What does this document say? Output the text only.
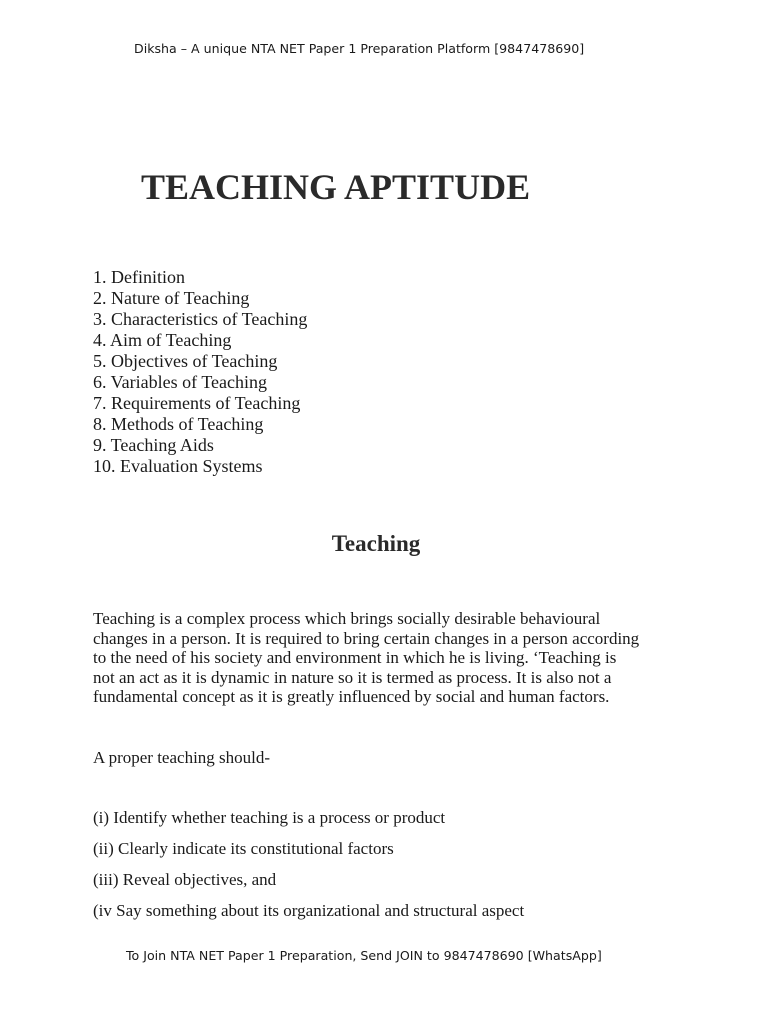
Diksha – A unique NTA NET Paper 1 Preparation Platform [9847478690]
TEACHING APTITUDE
1. Definition
2. Nature of Teaching
3. Characteristics of Teaching
4. Aim of Teaching
5. Objectives of Teaching
6. Variables of Teaching
7. Requirements of Teaching
8. Methods of Teaching
9. Teaching Aids
10. Evaluation Systems
Teaching

Teaching is a complex process which brings socially desirable behavioural
changes in a person. It is required to bring certain changes in a person according
to the need of his society and environment in which he is living. ‘Teaching is
not an act as it is dynamic in nature so it is termed as process. It is also not a
fundamental concept as it is greatly influenced by social and human factors.

A proper teaching should-

(i) Identify whether teaching is a process or product
(ii) Clearly indicate its constitutional factors
(iii) Reveal objectives, and
(iv Say something about its organizational and structural aspect
To Join NTA NET Paper 1 Preparation, Send JOIN to 9847478690 [WhatsApp]
